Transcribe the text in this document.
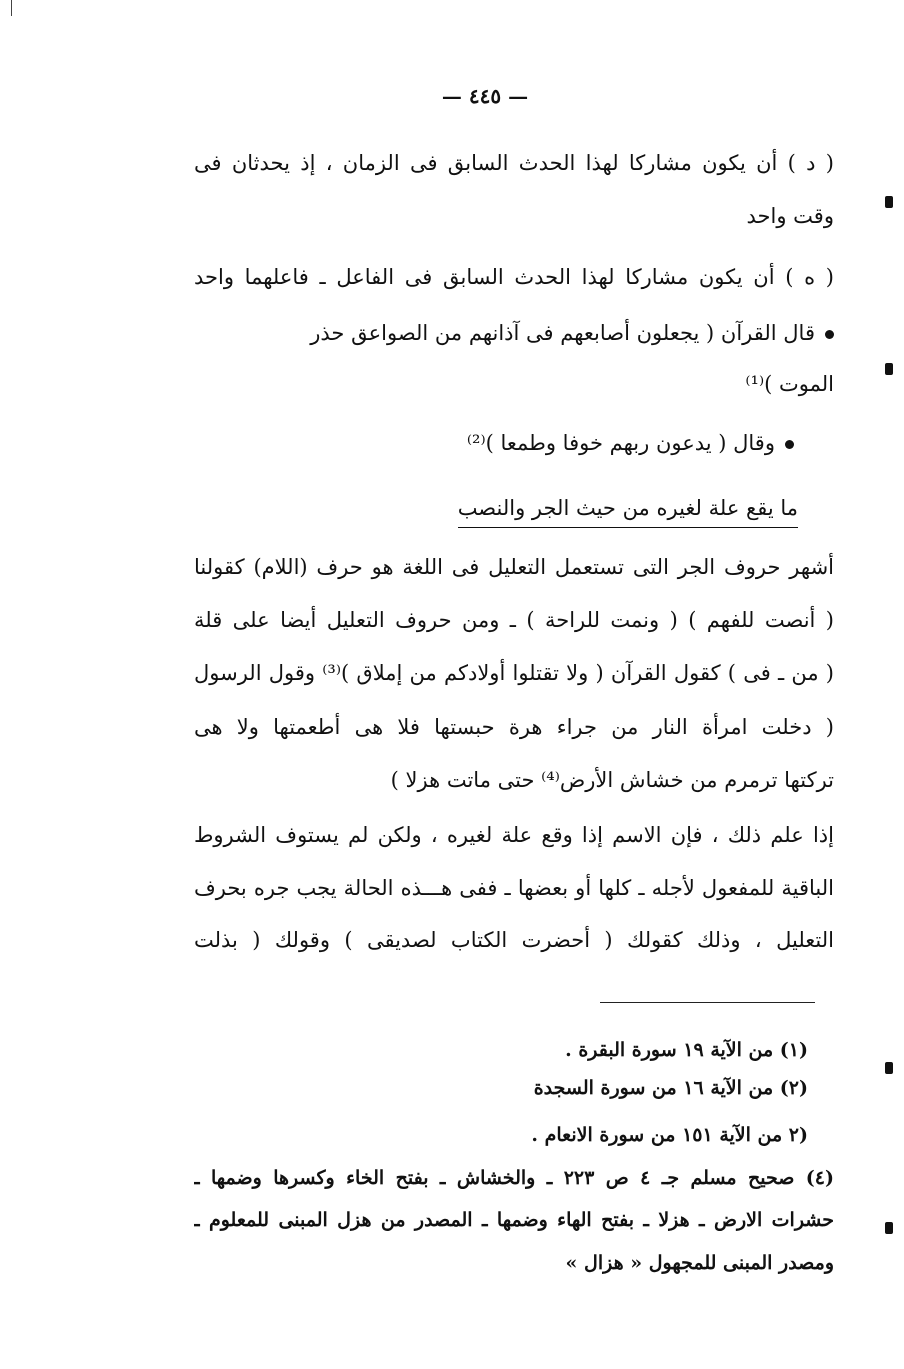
— ٤٤٥ —
( د ) أن يكون مشاركا لهذا الحدث السابق فى الزمان ، إذ يحدثان فى
وقت واحد
( ه ) أن يكون مشاركا لهذا الحدث السابق فى الفاعل ـ فاعلهما واحد
قال القرآن ( يجعلون أصابعهم فى آذانهم من الصواعق حذر
الموت )⁽¹⁾
وقال ( يدعون ربهم خوفا وطمعا )⁽²⁾
ما يقع علة لغيره من حيث الجر والنصب
أشهر حروف الجر التى تستعمل التعليل فى اللغة هو حرف (اللام) كقولنا
( أنصت للفهم ) ( ونمت للراحة ) ـ ومن حروف التعليل أيضا على قلة
( من ـ فى ) كقول القرآن ( ولا تقتلوا أولادكم من إملاق )⁽³⁾ وقول الرسول
( دخلت امرأة النار من جراء هرة حبستها فلا هى أطعمتها ولا هى
تركتها ترمرم من خشاش الأرض⁽⁴⁾ حتى ماتت هزلا )
إذا علم ذلك ، فإن الاسم إذا وقع علة لغيره ، ولكن لم يستوف الشروط
الباقية للمفعول لأجله ـ كلها أو بعضها ـ ففى هـــذه الحالة يجب جره بحرف
التعليل ، وذلك كقولك ( أحضرت الكتاب لصديقى ) وقولك ( بذلت
(١) من الآية ١٩ سورة البقرة .
(٢) من الآية ١٦ من سورة السجدة
(٢ من الآية ١٥١ من سورة الانعام .
(٤) صحيح مسلم جـ ٤ ص ٢٢٣ ـ والخشاش ـ بفتح الخاء وكسرها وضمها ـ
حشرات الارض ـ هزلا ـ بفتح الهاء وضمها ـ المصدر من هزل المبنى للمعلوم ـ
ومصدر المبنى للمجهول « هزال »
